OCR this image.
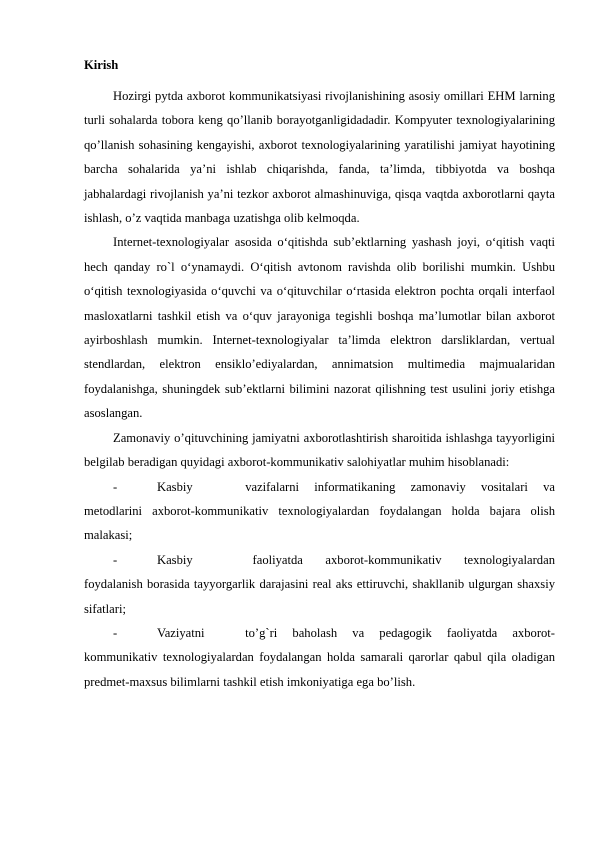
Kirish

Hozirgi pytda axborot kommunikatsiyasi rivojlanishining asosiy omillari EHM larning turli sohalarda tobora keng qo’llanib borayotganligidadadir. Kompyuter texnologiyalarining qo’llanish sohasining kengayishi, axborot texnologiyalarining yaratilishi jamiyat hayotining barcha sohalarida ya’ni ishlab chiqarishda, fanda, ta’limda, tibbiyotda va boshqa jabhalardagi rivojlanish ya’ni tezkor axborot almashinuviga, qisqa vaqtda axborotlarni qayta ishlash, o’z vaqtida manbaga uzatishga olib kelmoqda.

Internet-texnologiyalar asosida o‘qitishda sub’ektlarning yashash joyi, o‘qitish vaqti hech qanday ro`l o‘ynamaydi. O‘qitish avtonom ravishda olib borilishi mumkin. Ushbu o‘qitish texnologiyasida o‘quvchi va o‘qituvchilar o‘rtasida elektron pochta orqali interfaol masloxatlarni tashkil etish va o‘quv jarayoniga tegishli boshqa ma’lumotlar bilan axborot ayirboshlash mumkin. Internet-texnologiyalar ta’limda elektron darsliklardan, vertual stendlardan, elektron ensiklo’ediyalardan, annimatsion multimedia majmualaridan foydalanishga, shuningdek sub’ektlarni bilimini nazorat qilishning test usulini joriy etishga asoslangan.

Zamonaviy o’qituvchining jamiyatni axborotlashtirish sharoitida ishlashga tayyorligini belgilab beradigan quyidagi axborot-kommunikativ salohiyatlar muhim hisoblanadi:

-	Kasbiy	vazifalarni informatikaning zamonaviy vositalari va metodlarini axborot-kommunikativ texnologiyalardan foydalangan holda bajara olish malakasi;

-	Kasbiy	faoliyatda axborot-kommunikativ texnologiyalardan foydalanish borasida tayyorgarlik darajasini real aks ettiruvchi, shakllanib ulgurgan shaxsiy sifatlari;

-	Vaziyatni	to’g`ri baholash va pedagogik faoliyatda axborot-kommunikativ texnologiyalardan foydalangan holda samarali qarorlar qabul qila oladigan predmet-maxsus bilimlarni tashkil etish imkoniyatiga ega bo’lish.
